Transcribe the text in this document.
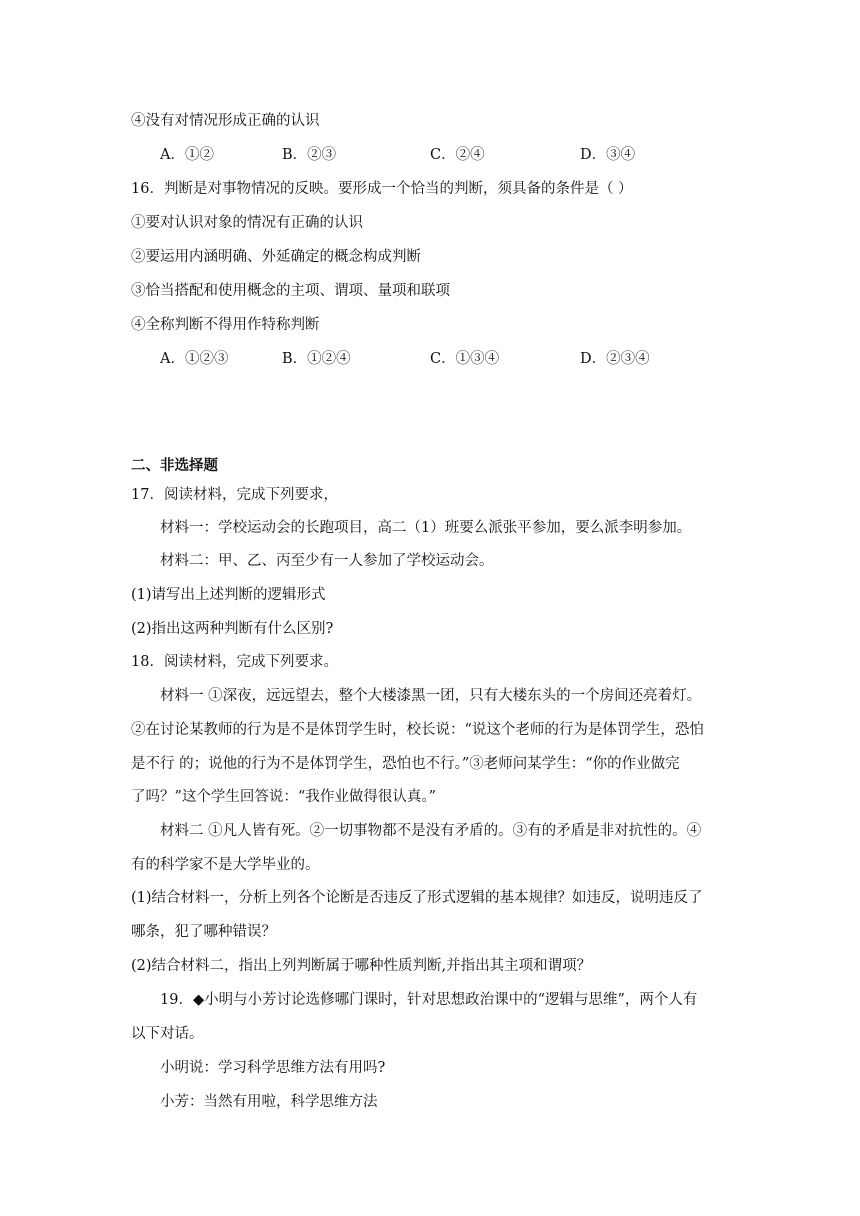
④没有对情况形成正确的认识
A．①②	B．②③	C．②④	D．③④
16．判断是对事物情况的反映。要形成一个恰当的判断，须具备的条件是（ ）
①要对认识对象的情况有正确的认识
②要运用内涵明确、外延确定的概念构成判断
③恰当搭配和使用概念的主项、谓项、量项和联项
④全称判断不得用作特称判断
A．①②③	B．①②④	C．①③④	D．②③④
二、非选择题
17．阅读材料，完成下列要求，
材料一：学校运动会的长跑项目，高二（1）班要么派张平参加，要么派李明参加。
材料二：甲、乙、丙至少有一人参加了学校运动会。
(1)请写出上述判断的逻辑形式
(2)指出这两种判断有什么区别?
18．阅读材料，完成下列要求。
材料一 ①深夜，远远望去，整个大楼漆黑一团，只有大楼东头的一个房间还亮着灯。
②在讨论某教师的行为是不是体罚学生时，校长说：“说这个老师的行为是体罚学生，恐怕
是不行 的；说他的行为不是体罚学生，恐怕也不行。”③老师问某学生：“你的作业做完
了吗？”这个学生回答说：“我作业做得很认真。”
材料二 ①凡人皆有死。②一切事物都不是没有矛盾的。③有的矛盾是非对抗性的。④
有的科学家不是大学毕业的。
(1)结合材料一，分析上列各个论断是否违反了形式逻辑的基本规律？如违反，说明违反了
哪条，犯了哪种错误？
(2)结合材料二，指出上列判断属于哪种性质判断,并指出其主项和谓项？
19．◆小明与小芳讨论选修哪门课时，针对思想政治课中的“逻辑与思维”，两个人有
以下对话。
小明说：学习科学思维方法有用吗?
小芳：当然有用啦，科学思维方法
